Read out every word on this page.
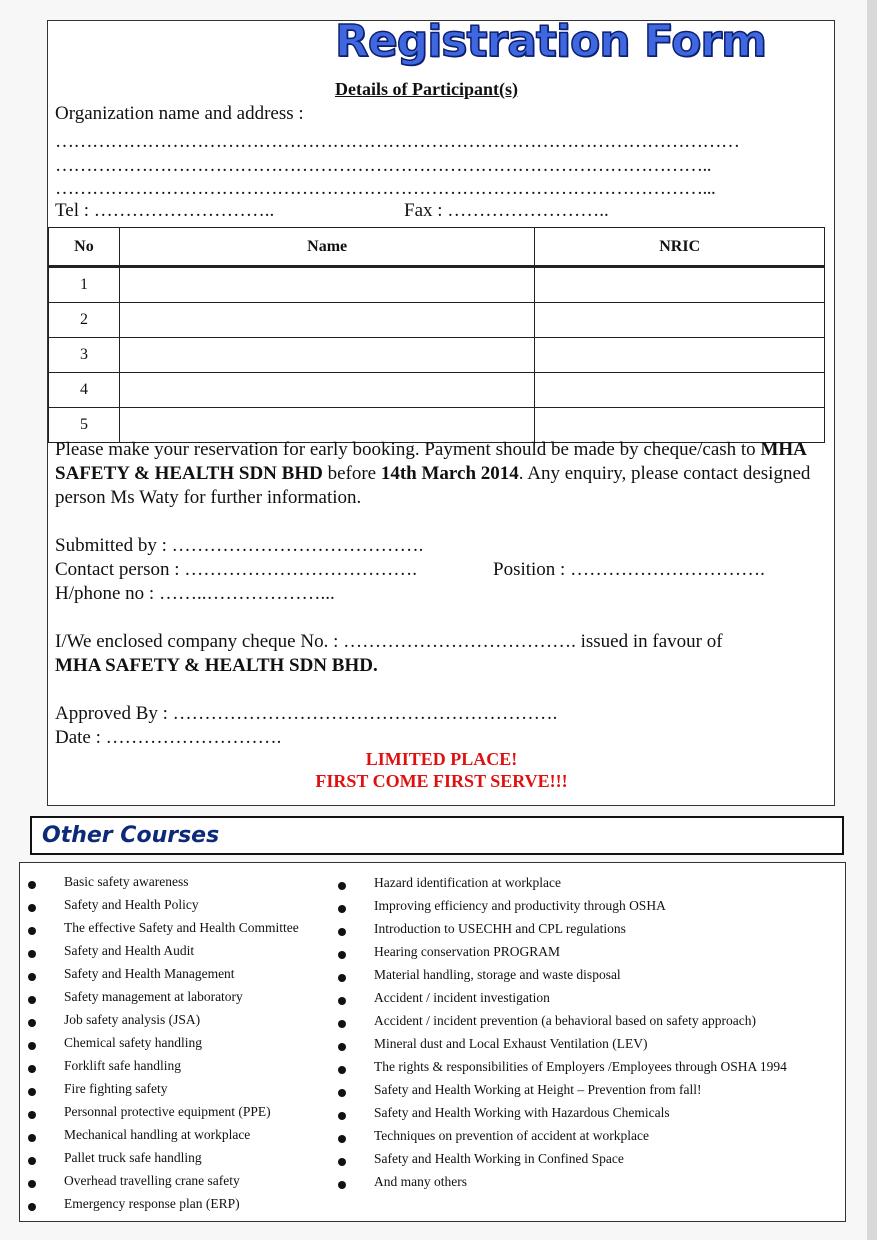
Registration Form
Details of Participant(s)
Organization name and address :
…………………………………………………………………………………………………
……………………………………………………………………………………………..
……………………………………………………………………………………………...
Tel : ………………………..	Fax : ……………………..
No	Name	NRIC
1		
2		
3		
4		
5		
Please make your reservation for early booking. Payment should be made by cheque/cash to MHA SAFETY & HEALTH SDN BHD before 14th March 2014. Any enquiry, please contact designed person Ms Waty for further information.
Submitted by : ………………………………….
Contact person : ……………………………….	Position : ………………………….
H/phone no : ……..………………...
I/We enclosed company cheque No. : ………………………………. issued in favour of
MHA SAFETY & HEALTH SDN BHD.
Approved By : …………………………………………………….
Date : ……………………….
LIMITED PLACE!
FIRST COME FIRST SERVE!!!
Other Courses
Basic safety awareness
Safety and Health Policy
The effective Safety and Health Committee
Safety and Health Audit
Safety and Health Management
Safety management at laboratory
Job safety analysis (JSA)
Chemical safety handling
Forklift safe handling
Fire fighting safety
Personnal protective equipment (PPE)
Mechanical handling at workplace
Pallet truck safe handling
Overhead travelling crane safety
Emergency response plan (ERP)
Hazard identification at workplace
Improving efficiency and productivity through OSHA
Introduction to USECHH and CPL regulations
Hearing conservation PROGRAM
Material handling, storage and waste disposal
Accident / incident investigation
Accident / incident prevention (a behavioral based on safety approach)
Mineral dust and Local Exhaust Ventilation (LEV)
The rights & responsibilities of Employers /Employees through OSHA 1994
Safety and Health Working at Height – Prevention from fall!
Safety and Health Working with Hazardous Chemicals
Techniques on prevention of accident at workplace
Safety and Health Working in Confined Space
And many others
